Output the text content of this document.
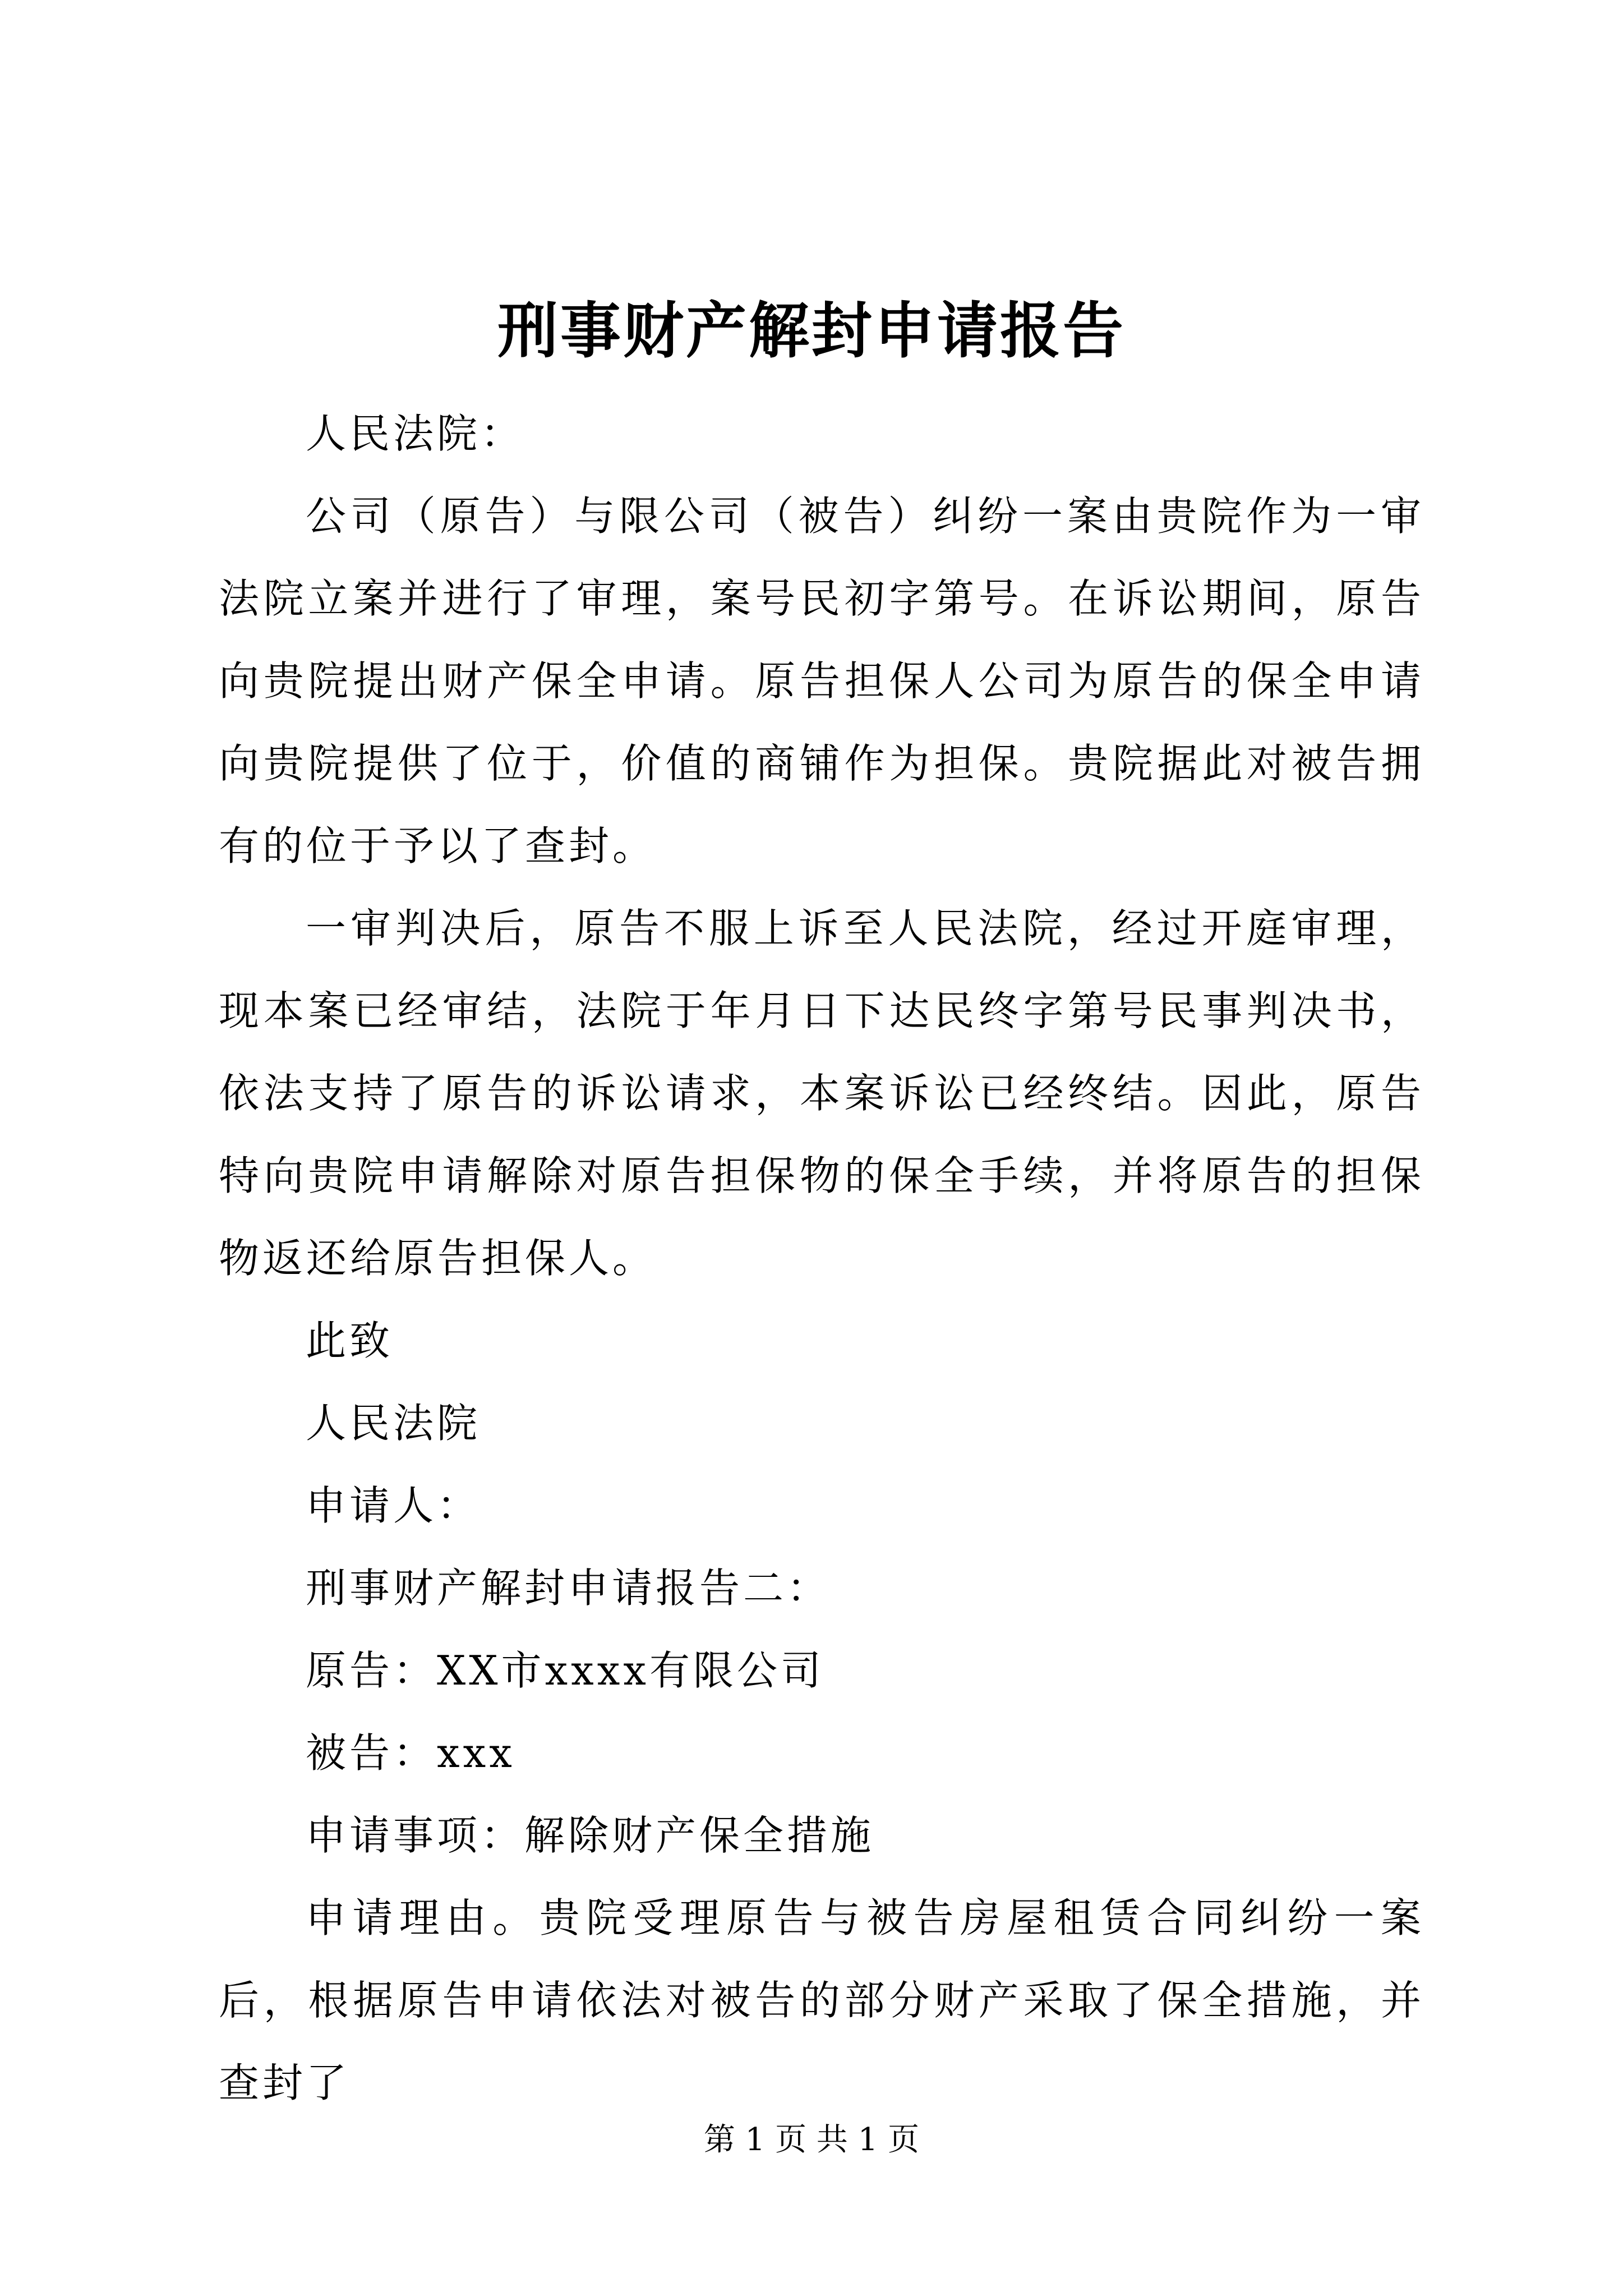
刑事财产解封申请报告

人民法院：

公司（原告）与限公司（被告）纠纷一案由贵院作为一审法院立案并进行了审理，案号民初字第号。在诉讼期间，原告向贵院提出财产保全申请。原告担保人公司为原告的保全申请向贵院提供了位于，价值的商铺作为担保。贵院据此对被告拥有的位于予以了查封。

一审判决后，原告不服上诉至人民法院，经过开庭审理，现本案已经审结，法院于年月日下达民终字第号民事判决书，依法支持了原告的诉讼请求，本案诉讼已经终结。因此，原告特向贵院申请解除对原告担保物的保全手续，并将原告的担保物返还给原告担保人。

此致

人民法院

申请人：

刑事财产解封申请报告二：

原告：XX市xxxx有限公司

被告：xxx

申请事项：解除财产保全措施

申请理由。贵院受理原告与被告房屋租赁合同纠纷一案后，根据原告申请依法对被告的部分财产采取了保全措施，并查封了

第 1 页 共 1 页
